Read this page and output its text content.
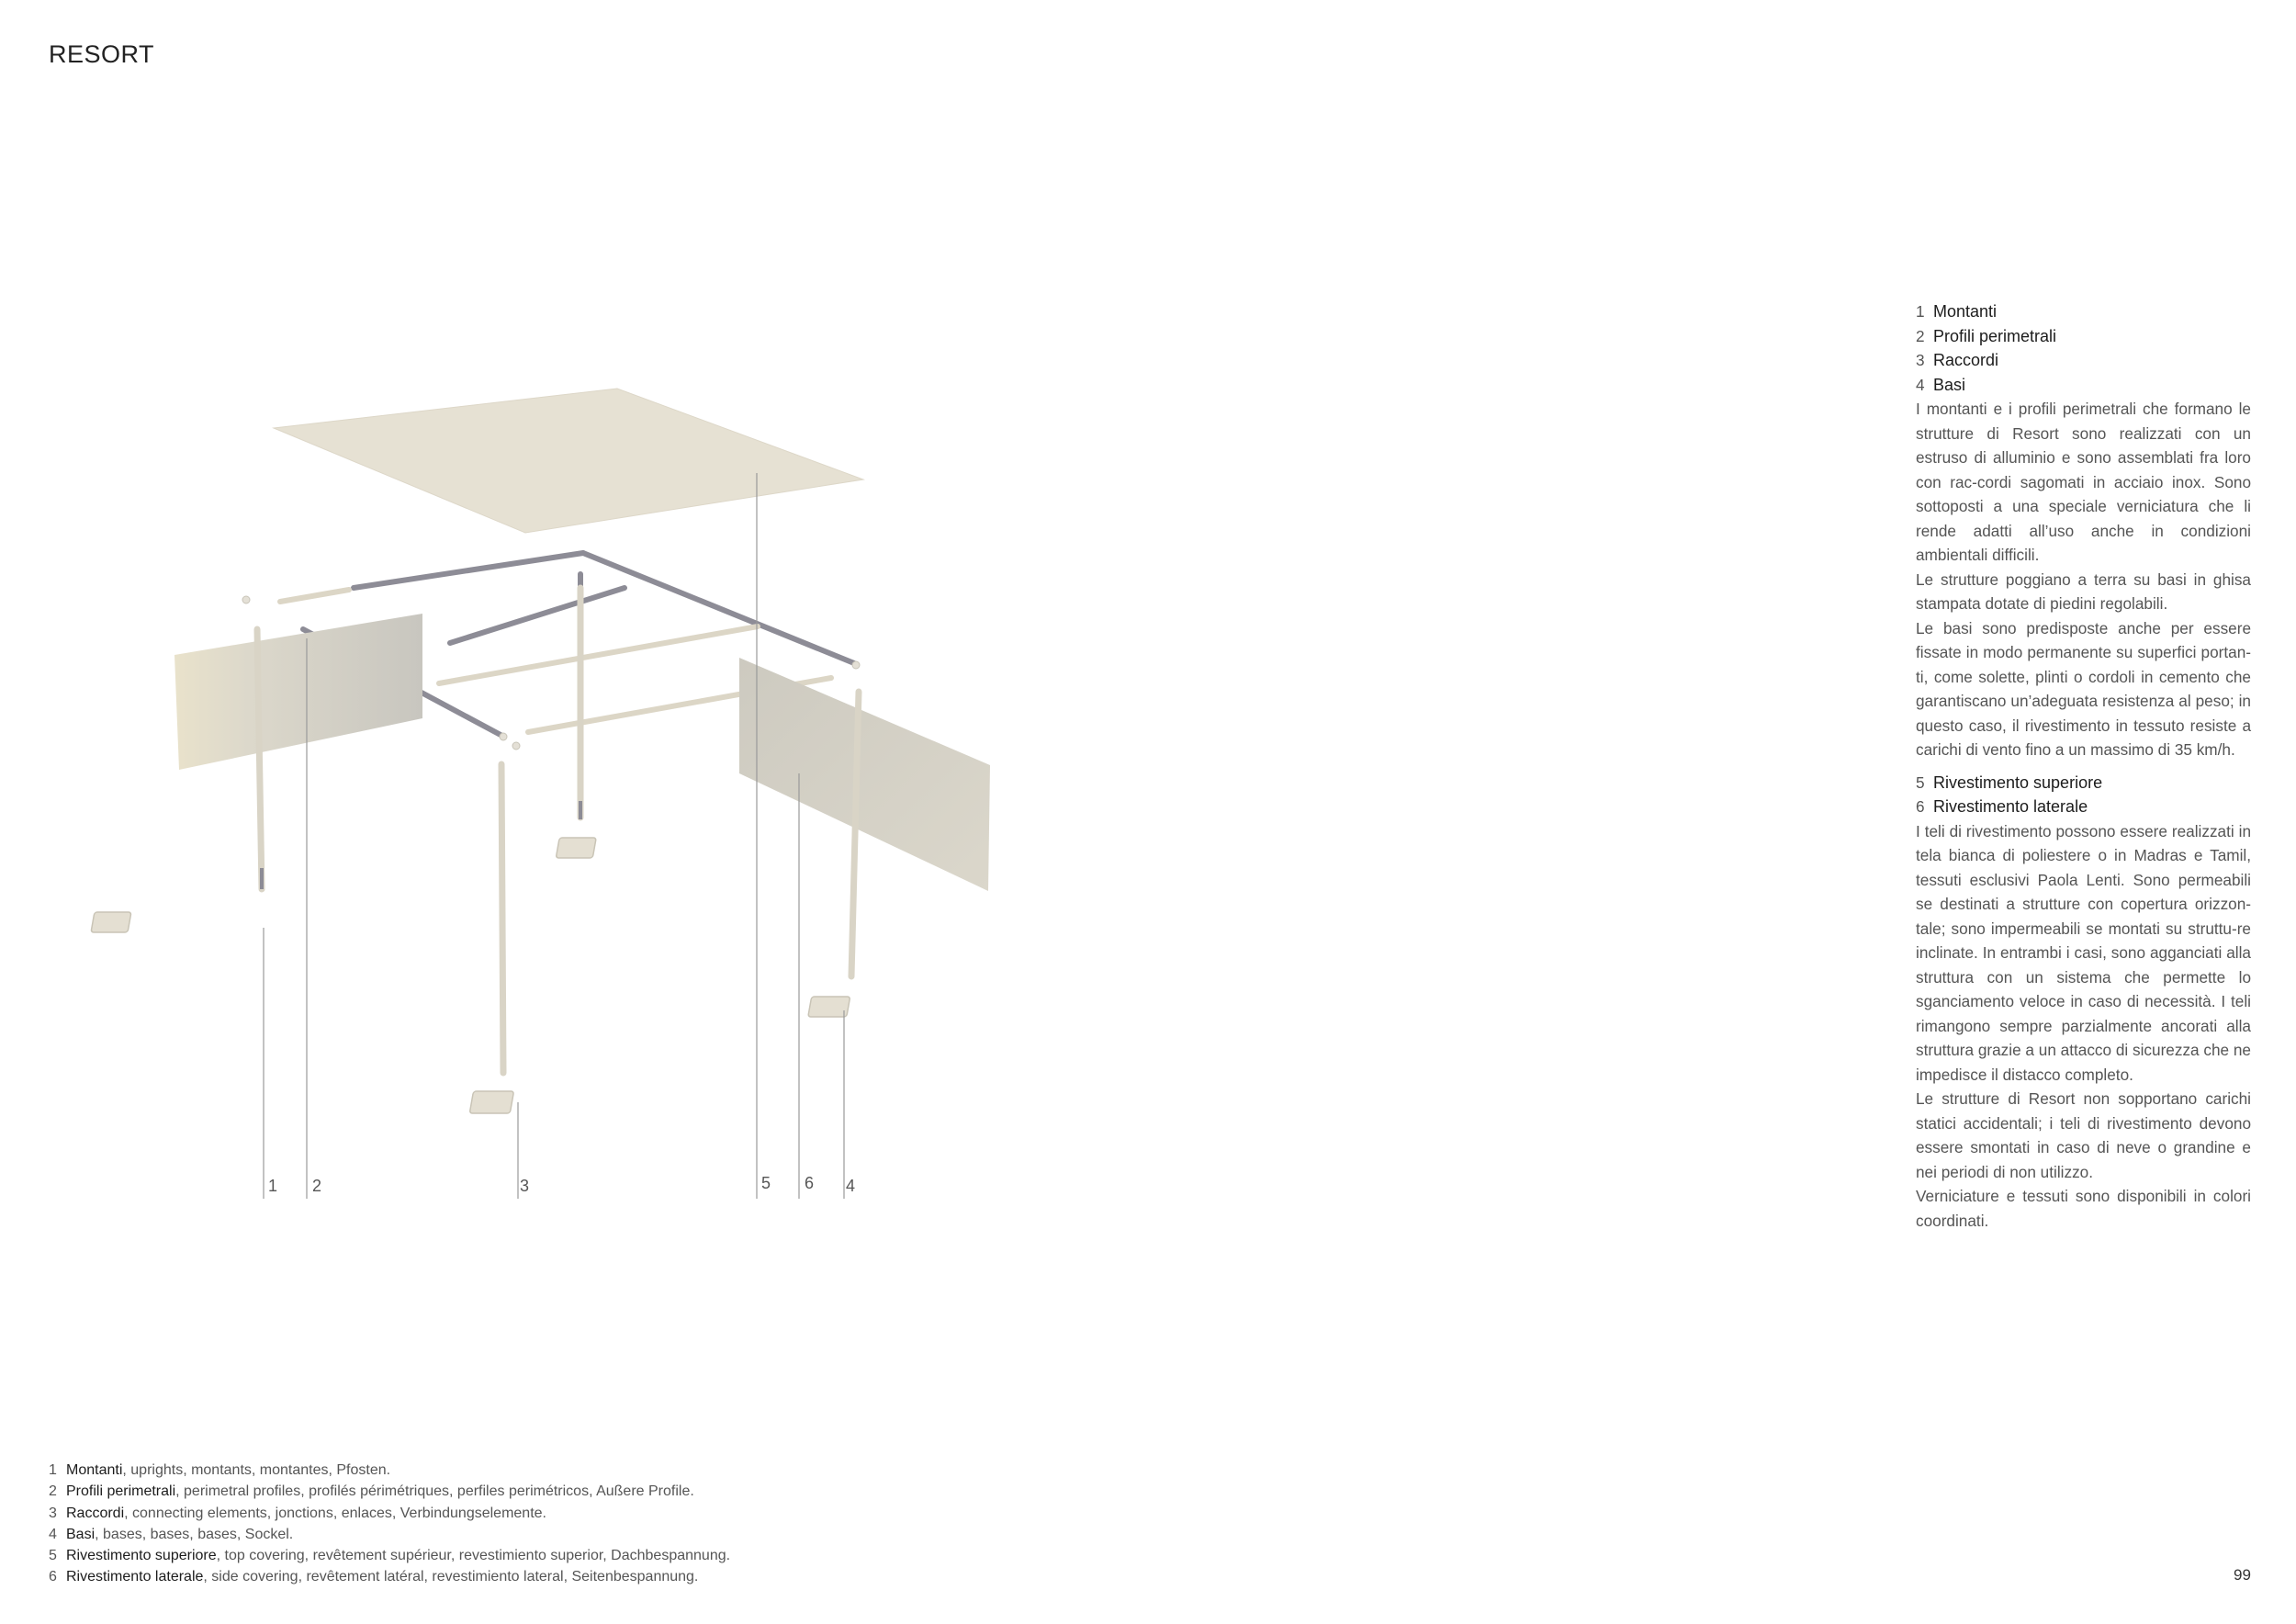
RESORT
1 2	3	5 6 4
1 Montanti
2 Profili perimetrali
3 Raccordi
4 Basi

I montanti e i profili perimetrali che formano le strutture di Resort sono realizzati con un estruso di alluminio e sono assemblati fra loro con rac-cordi sagomati in acciaio inox. Sono sottoposti a una speciale verniciatura che li rende adatti all’uso anche in condizioni ambientali difficili.

Le strutture poggiano a terra su basi in ghisa stampata dotate di piedini regolabili.

Le basi sono predisposte anche per essere fissate in modo permanente su superfici portan-ti, come solette, plinti o cordoli in cemento che garantiscano un’adeguata resistenza al peso; in questo caso, il rivestimento in tessuto resiste a carichi di vento fino a un massimo di 35 km/h.

5 Rivestimento superiore
6 Rivestimento laterale

I teli di rivestimento possono essere realizzati in tela bianca di poliestere o in Madras e Tamil, tessuti esclusivi Paola Lenti. Sono permeabili se destinati a strutture con copertura orizzon-tale; sono impermeabili se montati su struttu-re inclinate. In entrambi i casi, sono agganciati alla struttura con un sistema che permette lo sganciamento veloce in caso di necessità. I teli rimangono sempre parzialmente ancorati alla struttura grazie a un attacco di sicurezza che ne impedisce il distacco completo.

Le strutture di Resort non sopportano carichi statici accidentali; i teli di rivestimento devono essere smontati in caso di neve o grandine e nei periodi di non utilizzo.

Verniciature e tessuti sono disponibili in colori coordinati.

1 Montanti, uprights, montants, montantes, Pfosten.
2 Profili perimetrali, perimetral profiles, profilés périmétriques, perfiles perimétricos, Außere Profile.
3 Raccordi, connecting elements, jonctions, enlaces, Verbindungselemente.
4 Basi, bases, bases, bases, Sockel.
5 Rivestimento superiore, top covering, revêtement supérieur, revestimiento superior, Dachbespannung.
6 Rivestimento laterale, side covering, revêtement latéral, revestimiento lateral, Seitenbespannung.	99
